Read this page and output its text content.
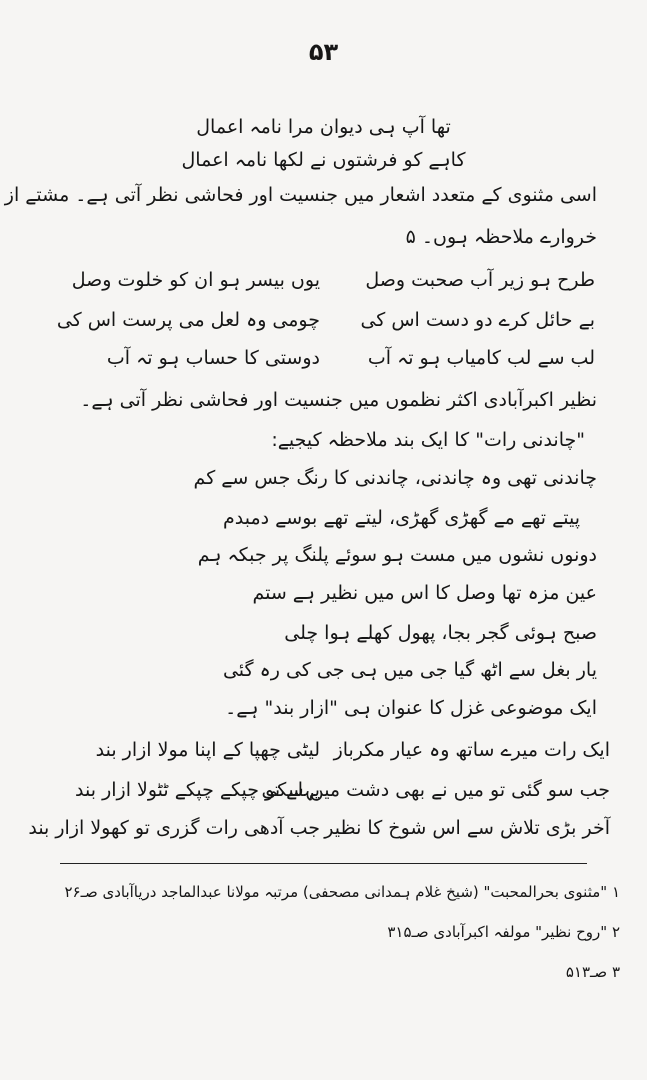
۵۳
تھا آپ ہی دیوان مرا نامہ اعمال
کاہے کو فرشتوں نے لکھا نامہ اعمال
اسی مثنوی کے متعدد اشعار میں جنسیت اور فحاشی نظر آتی ہے۔ مشتے از
خروارے ملاحظہ ہوں۔ ۵
طرح ہو زیر آب صحبت وصل
یوں بیسر ہو ان کو خلوت وصل
بے حائل کرے دو دست اس کی
چومی وہ لعل می پرست اس کی
لب سے لب کامیاب ہو تہ آب
دوستی کا حساب ہو تہ آب
نظیر اکبرآبادی اکثر نظموں میں جنسیت اور فحاشی نظر آتی ہے۔
"چاندنی رات" کا ایک بند ملاحظہ کیجیے:
چاندنی تھی وہ چاندنی، چاندنی کا رنگ جس سے کم
پیتے تھے مے گھڑی گھڑی، لیتے تھے بوسے دمبدم
دونوں نشوں میں مست ہو سوئے پلنگ پر جبکہ ہم
عین مزہ تھا وصل کا اس میں نظیر ہے ستم
صبح ہوئی گجر بجا، پھول کھلے ہوا چلی
یار بغل سے اٹھ گیا جی میں ہی جی کی رہ گئی
ایک موضوعی غزل کا عنوان ہی "ازار بند" ہے۔
ایک رات میرے ساتھ وہ عیار مکرباز
لیٹی چھپا کے اپنا مولا ازار بند
جب سو گئی تو میں نے بھی دشت میں سکی
پہلے تو چپکے چپکے ٹٹولا ازار بند
آخر بڑی تلاش سے اس شوخ کا نظیر
جب آدھی رات گزری تو کھولا ازار بند
۱ "مثنوی بحرالمحبت" (شیخ غلام ہمدانی مصحفی) مرتبہ مولانا عبدالماجد دریاآبادی صـ۲۶
۲ "روح نظیر" مولفہ اکبرآبادی صـ۳۱۵
۳ صـ۵۱۳
